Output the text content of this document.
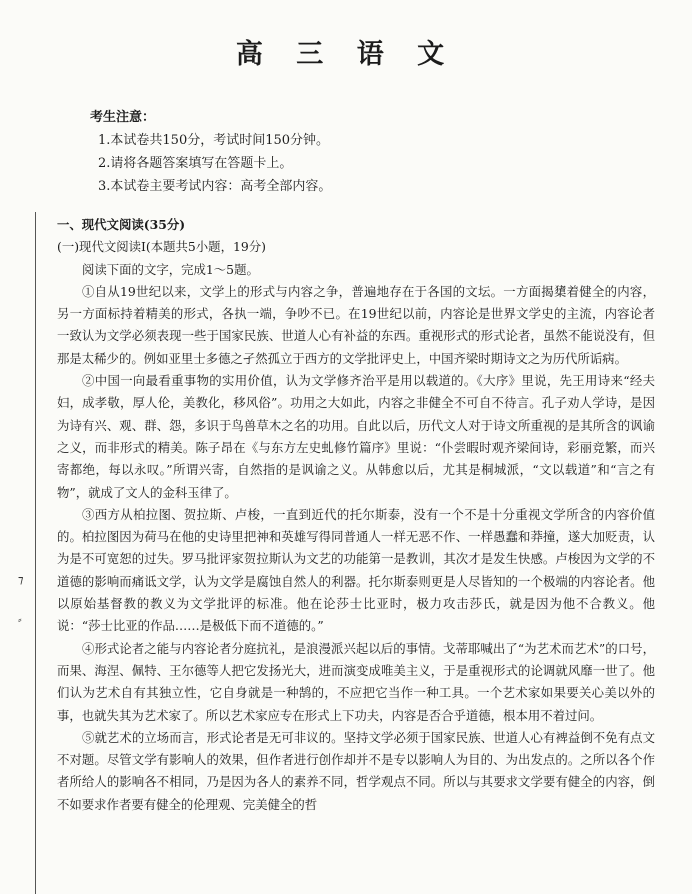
高 三 语 文
考生注意：
1.本试卷共150分，考试时间150分钟。
2.请将各题答案填写在答题卡上。
3.本试卷主要考试内容：高考全部内容。
⁊
⸗
一、现代文阅读(35分)
(一)现代文阅读Ⅰ(本题共5小题，19分)
阅读下面的文字，完成1～5题。

①自从19世纪以来，文学上的形式与内容之争，普遍地存在于各国的文坛。一方面揭橥着健全的内容，另一方面标持着精美的形式，各执一端，争吵不已。在19世纪以前，内容论是世界文学史的主流，内容论者一致认为文学必须表现一些于国家民族、世道人心有补益的东西。重视形式的形式论者，虽然不能说没有，但那是太稀少的。例如亚里士多德之孑然孤立于西方的文学批评史上，中国齐梁时期诗文之为历代所诟病。

②中国一向最看重事物的实用价值，认为文学修齐治平是用以载道的。《大序》里说，先王用诗来“经夫妇，成孝敬，厚人伦，美教化，移风俗”。功用之大如此，内容之非健全不可自不待言。孔子劝人学诗，是因为诗有兴、观、群、怨，多识于鸟兽草木之名的功用。自此以后，历代文人对于诗文所重视的是其所含的讽谕之义，而非形式的精美。陈子昂在《与东方左史虬修竹篇序》里说：“仆尝暇时观齐梁间诗，彩丽竞繁，而兴寄都绝，每以永叹。”所谓兴寄，自然指的是讽谕之义。从韩愈以后，尤其是桐城派，“文以载道”和“言之有物”，就成了文人的金科玉律了。

③西方从柏拉图、贺拉斯、卢梭，一直到近代的托尔斯泰，没有一个不是十分重视文学所含的内容价值的。柏拉图因为荷马在他的史诗里把神和英雄写得同普通人一样无恶不作、一样愚蠢和莽撞，遂大加贬责，认为是不可宽恕的过失。罗马批评家贺拉斯认为文艺的功能第一是教训，其次才是发生快感。卢梭因为文学的不道德的影响而痛诋文学，认为文学是腐蚀自然人的利器。托尔斯泰则更是人尽皆知的一个极端的内容论者。他以原始基督教的教义为文学批评的标准。他在论莎士比亚时，极力攻击莎氏，就是因为他不合教义。他说：“莎士比亚的作品……是极低下而不道德的。”

④形式论者之能与内容论者分庭抗礼，是浪漫派兴起以后的事情。戈蒂耶喊出了“为艺术而艺术”的口号，而果、海涅、佩特、王尔德等人把它发扬光大，进而演变成唯美主义，于是重视形式的论调就风靡一世了。他们认为艺术自有其独立性，它自身就是一种鹄的，不应把它当作一种工具。一个艺术家如果要关心美以外的事，也就失其为艺术家了。所以艺术家应专在形式上下功夫，内容是否合乎道德，根本用不着过问。

⑤就艺术的立场而言，形式论者是无可非议的。坚持文学必须于国家民族、世道人心有裨益倒不免有点文不对题。尽管文学有影响人的效果，但作者进行创作却并不是专以影响人为目的、为出发点的。之所以各个作者所给人的影响各不相同，乃是因为各人的素养不同，哲学观点不同。所以与其要求文学要有健全的内容，倒不如要求作者要有健全的伦理观、完美健全的哲
